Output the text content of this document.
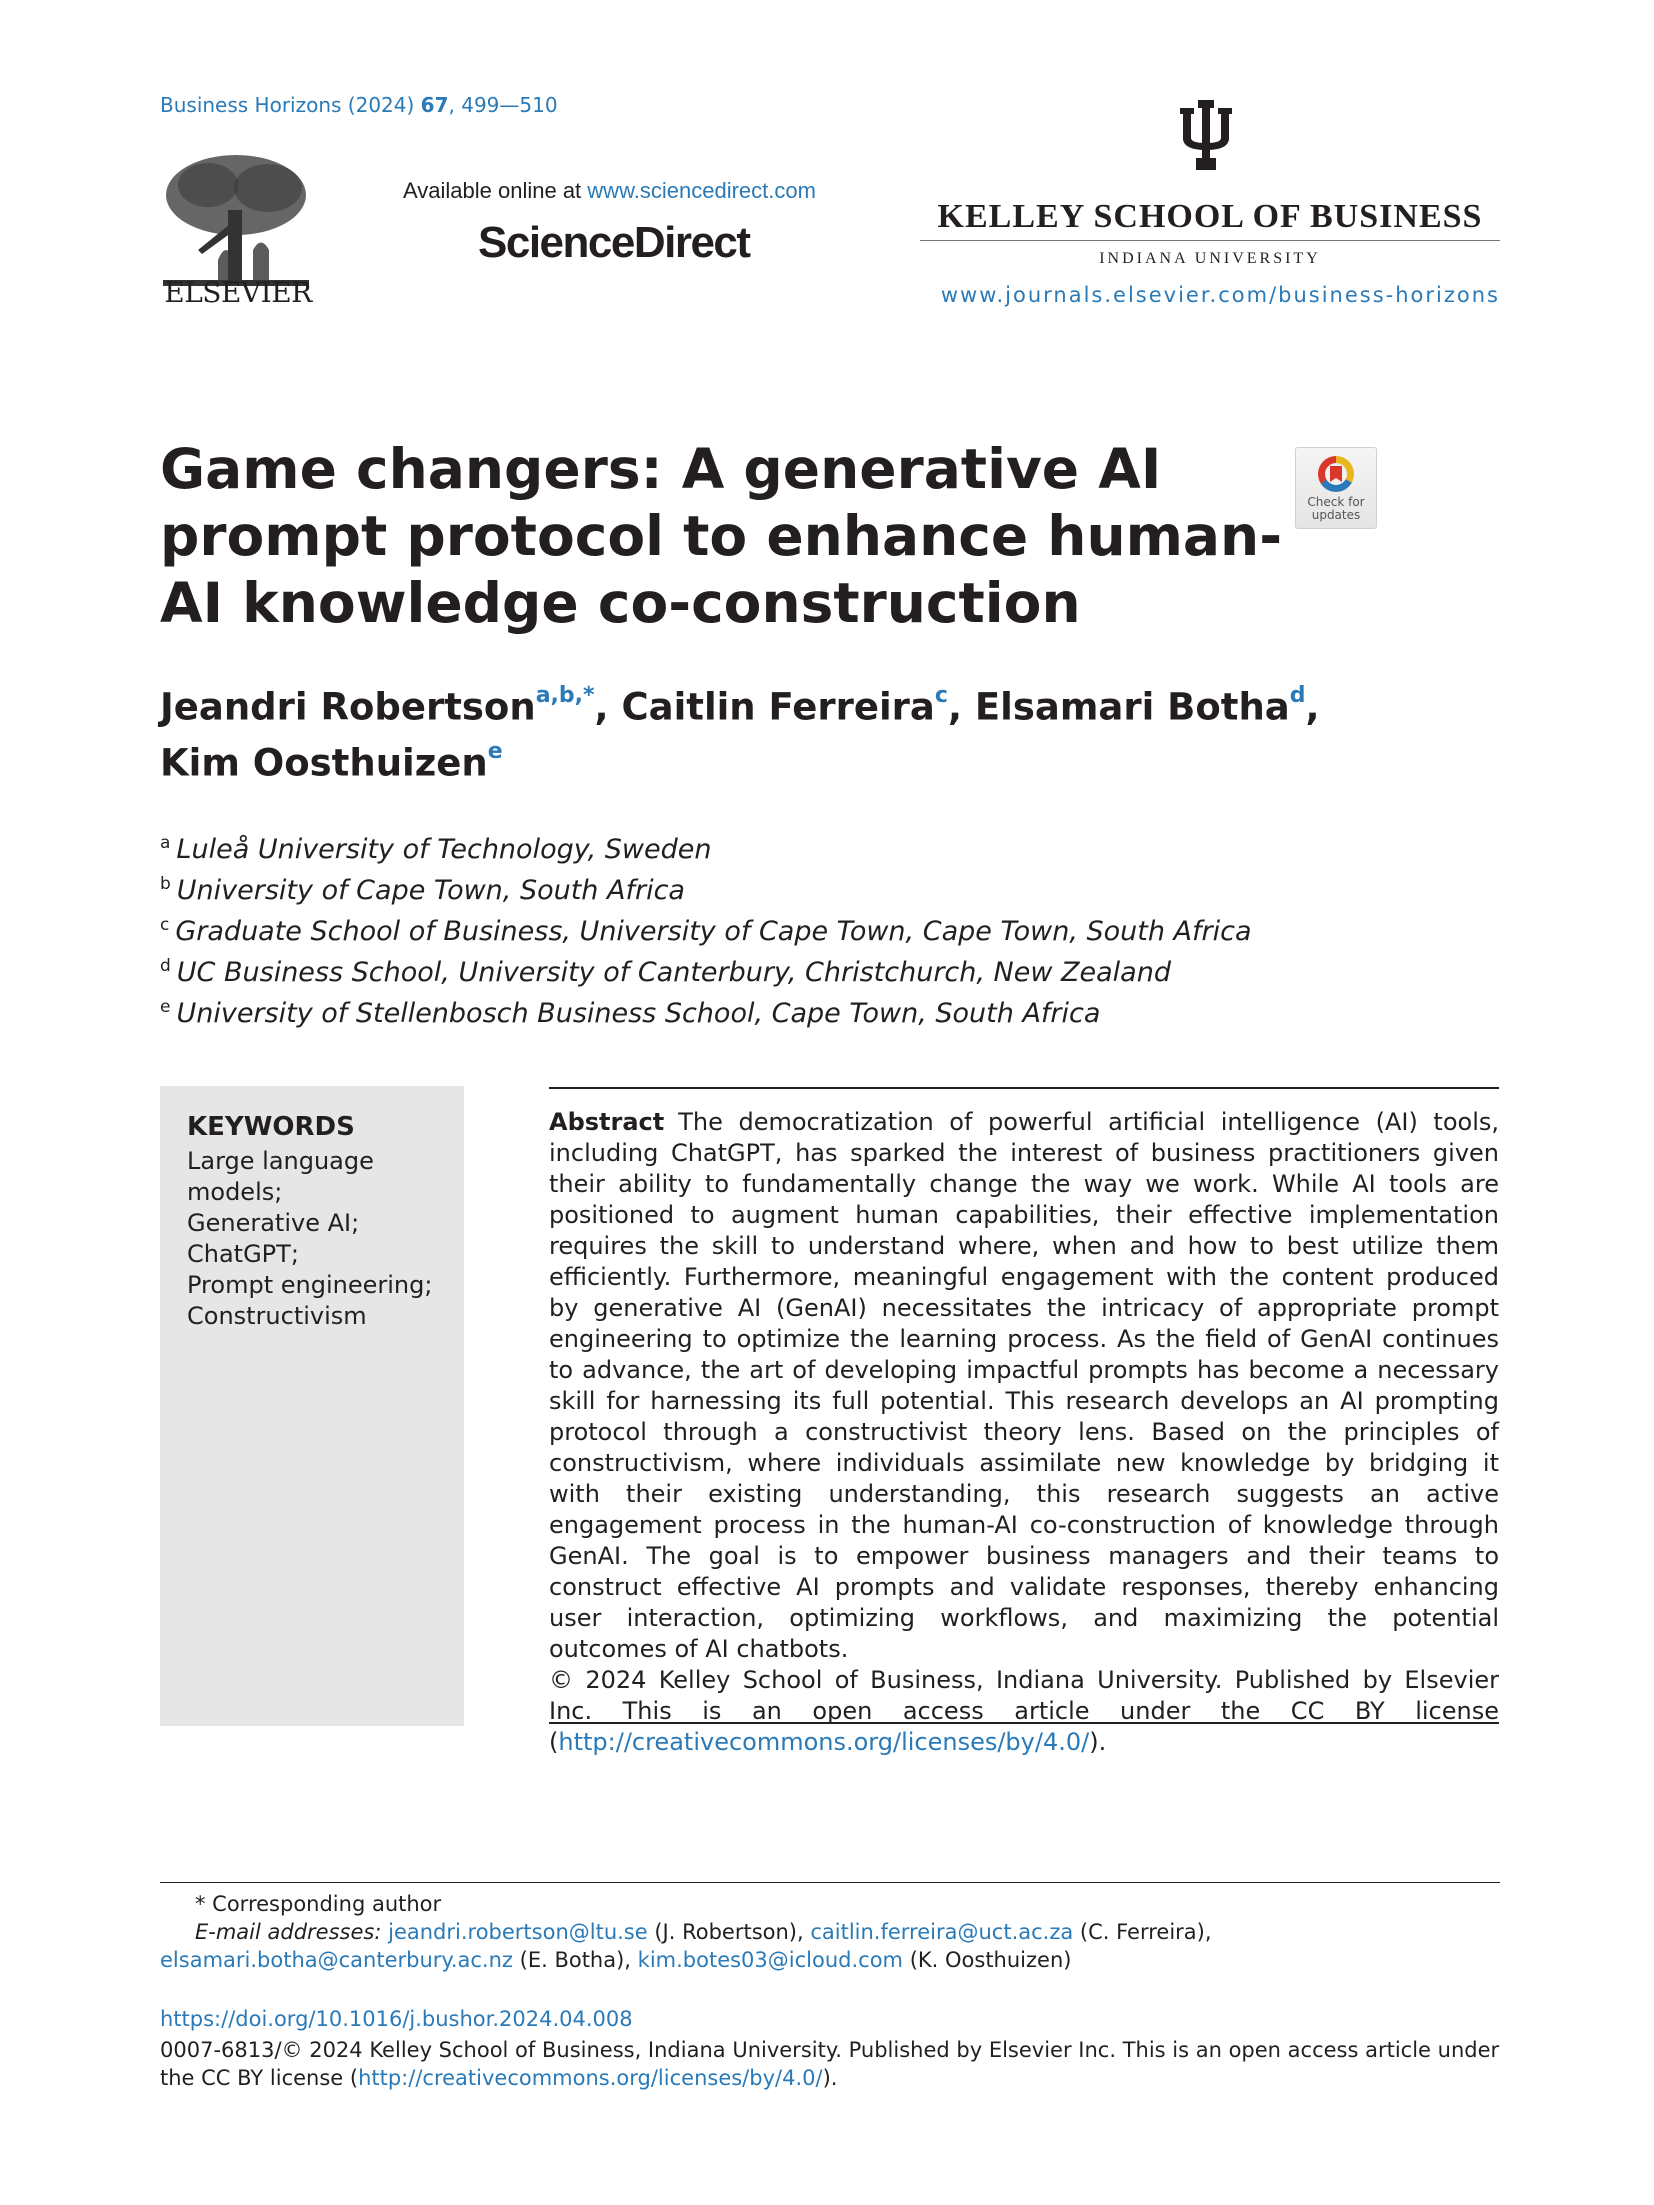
Business Horizons (2024) 67, 499—510
ELSEVIER
Available online at www.sciencedirect.com
ScienceDirect
KELLEY SCHOOL OF BUSINESS
INDIANA UNIVERSITY
www.journals.elsevier.com/business-horizons
Game changers: A generative AI prompt protocol to enhance human-AI knowledge co-construction
Check for updates
Jeandri Robertson$^{a,b,*}$, Caitlin Ferreira$^c$, Elsamari Botha$^d$,
Kim Oosthuizen$^e$
$^a$ Luleå University of Technology, Sweden
$^b$ University of Cape Town, South Africa
$^c$ Graduate School of Business, University of Cape Town, Cape Town, South Africa
$^d$ UC Business School, University of Canterbury, Christchurch, New Zealand
$^e$ University of Stellenbosch Business School, Cape Town, South Africa
KEYWORDS
Large language models;
Generative AI;
ChatGPT;
Prompt engineering;
Constructivism
Abstract The democratization of powerful artificial intelligence (AI) tools, including ChatGPT, has sparked the interest of business practitioners given their ability to fundamentally change the way we work. While AI tools are positioned to augment human capabilities, their effective implementation requires the skill to understand where, when and how to best utilize them efficiently. Furthermore, meaningful engagement with the content produced by generative AI (GenAI) necessitates the intricacy of appropriate prompt engineering to optimize the learning process. As the field of GenAI continues to advance, the art of developing impactful prompts has become a necessary skill for harnessing its full potential. This research develops an AI prompting protocol through a constructivist theory lens. Based on the principles of constructivism, where individuals assimilate new knowledge by bridging it with their existing understanding, this research suggests an active engagement process in the human-AI co-construction of knowledge through GenAI. The goal is to empower business managers and their teams to construct effective AI prompts and validate responses, thereby enhancing user interaction, optimizing workflows, and maximizing the potential outcomes of AI chatbots.
© 2024 Kelley School of Business, Indiana University. Published by Elsevier Inc. This is an open access article under the CC BY license (http://creativecommons.org/licenses/by/4.0/).
* Corresponding author
E-mail addresses: jeandri.robertson@ltu.se (J. Robertson), caitlin.ferreira@uct.ac.za (C. Ferreira), elsamari.botha@canterbury.ac.nz (E. Botha), kim.botes03@icloud.com (K. Oosthuizen)
https://doi.org/10.1016/j.bushor.2024.04.008
0007-6813/© 2024 Kelley School of Business, Indiana University. Published by Elsevier Inc. This is an open access article under the CC BY license (http://creativecommons.org/licenses/by/4.0/).
